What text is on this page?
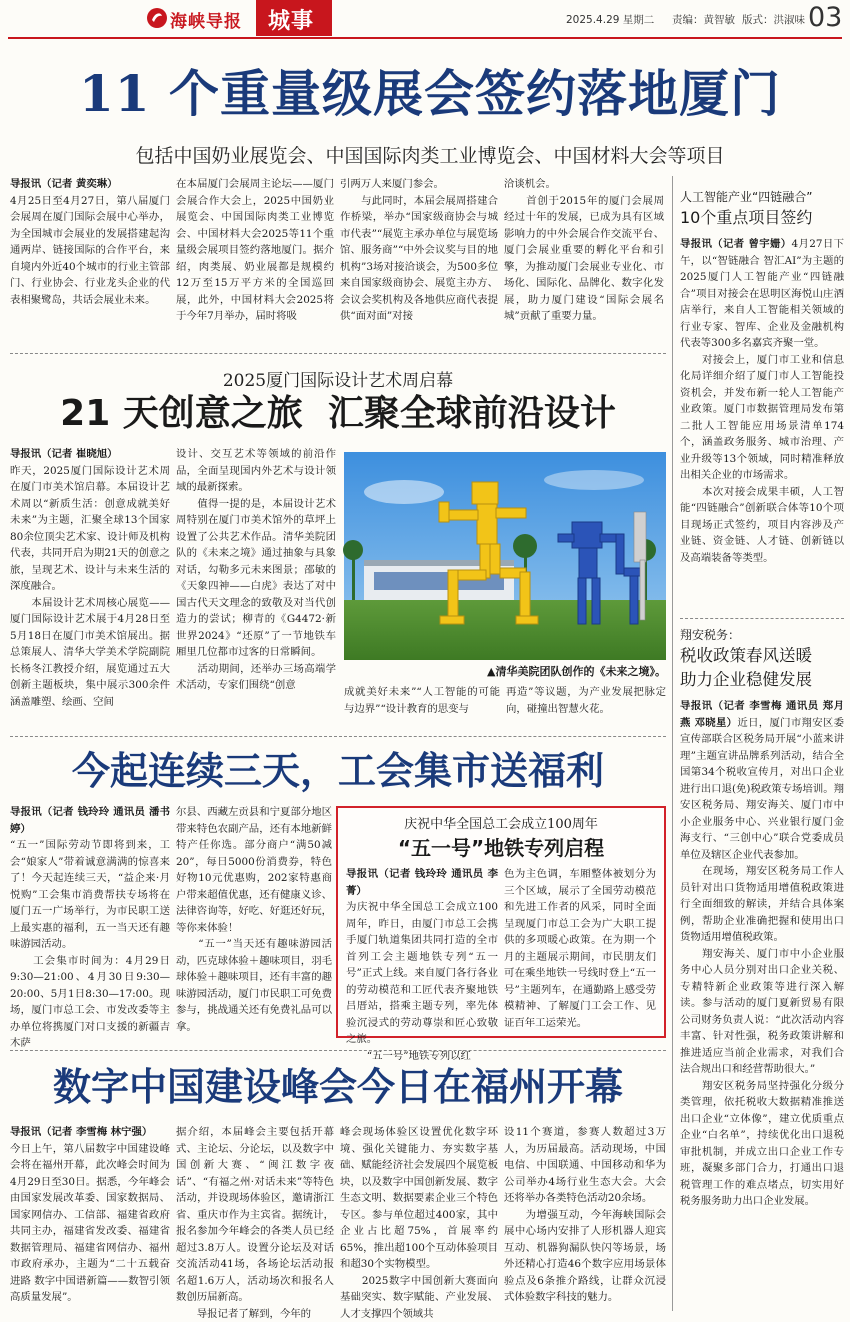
海峡导报 城事	2025.4.29 星期二 责编：黄智敏 版式：洪淑味 03
11 个重量级展会签约落地厦门
包括中国奶业展览会、中国国际肉类工业博览会、中国材料大会等项目
导报讯（记者 黄奕琳）
4月25日至4月27日，第八届厦门会展周在厦门国际会展中心举办，为全国城市会展业的发展搭建起沟通两岸、链接国际的合作平台，来自境内外近40个城市的行业主管部门、行业协会、行业龙头企业的代表相聚鹭岛，共话会展业未来。
在本届厦门会展周主论坛——厦门会展合作大会上，2025中国奶业展览会、中国国际肉类工业博览会、中国材料大会2025等11个重量级会展项目签约落地厦门。据介绍，肉类展、奶业展都是规模约12万至15万平方米的全国巡回展，此外，中国材料大会2025将于今年7月举办，届时将吸
引两万人来厦门参会。
　　与此同时，本届会展周搭建合作桥梁，举办“国家级商协会与城市代表”“展览主承办单位与展览场馆、服务商”“中外会议奖与目的地机构”3场对接洽谈会，为500多位来自国家级商协会、展览主办方、会议会奖机构及各地供应商代表提供“面对面”对接
洽谈机会。
　　首创于2015年的厦门会展周经过十年的发展，已成为具有区域影响力的中外会展合作交流平台、厦门会展业重要的孵化平台和引擎，为推动厦门会展业专业化、市场化、国际化、品牌化、数字化发展，助力厦门建设“国际会展名城”贡献了重要力量。
2025厦门国际设计艺术周启幕
21 天创意之旅  汇聚全球前沿设计
导报讯（记者 崔晓旭）
昨天，2025厦门国际设计艺术周在厦门市美术馆启幕。本届设计艺术周以“新质生活：创意成就美好未来”为主题，汇聚全球13个国家80余位顶尖艺术家、设计师及机构代表，共同开启为期21天的创意之旅，呈现艺术、设计与未来生活的深度融合。
　　本届设计艺术周核心展览——厦门国际设计艺术展于4月28日至5月18日在厦门市美术馆展出。据总策展人、清华大学美术学院副院长杨冬江教授介绍，展览通过五大创新主题板块，集中展示300余件涵盖雕塑、绘画、空间
设计、交互艺术等领域的前沿作品，全面呈现国内外艺术与设计领域的最新探索。
　　值得一提的是，本届设计艺术周特别在厦门市美术馆外的草坪上设置了公共艺术作品。清华美院团队的《未来之境》通过抽象与具象对话，勾勒多元未来图景；邵敏的《天象四神——白虎》表达了对中国古代天文理念的致敬及对当代创造力的尝试；柳青的《G4472·新世界2024》“还原”了一节地铁车厢里几位都市过客的日常瞬间。
　　活动期间，还举办三场高端学术活动，专家们围绕“创意
▲清华美院团队创作的《未来之境》。
成就美好未来”“人工智能的可能与边界”“设计教育的思变与
再造”等议题，为产业发展把脉定向，碰撞出智慧火花。
今起连续三天，工会集市送福利
导报讯（记者 钱玲玲 通讯员 潘书婷）
“五一”国际劳动节即将到来，工会“娘家人”带着诚意满满的惊喜来了！今天起连续三天，“益企来·月悦购”工会集市消费帮扶专场将在厦门五一广场举行，为市民职工送上最实惠的福利，五一当天还有趣味游园活动。
　　工会集市时间为：4月29日9:30—21:00、4月30日9:30—20:00、5月1日8:30—17:00。现场，厦门市总工会、市发改委等主办单位将携厦门对口支援的新疆吉木萨
尔县、西藏左贡县和宁夏部分地区带来特色农副产品，还有本地新鲜特产任你选。部分商户“满50减20”，每日5000份消费券，特色好物10元优惠购，202家特惠商户带来超值优惠，还有健康义诊、法律咨询等，好吃、好逛还好玩，等你来体验！
　　“五一”当天还有趣味游园活动，匹克球体验＋趣味项目，羽毛球体验＋趣味项目，还有丰富的趣味游园活动，厦门市民职工可免费参与，挑战通关还有免费礼品可以拿。
庆祝中华全国总工会成立100周年
“五一号”地铁专列启程
导报讯（记者 钱玲玲 通讯员 李菁）
为庆祝中华全国总工会成立100周年，昨日，由厦门市总工会携手厦门轨道集团共同打造的全市首列工会主题地铁专列“五一号”正式上线。来自厦门各行各业的劳动模范和工匠代表齐聚地铁吕厝站，搭乘主题专列，率先体验沉浸式的劳动尊崇和匠心致敬之旅。
　　“五一号”地铁专列以红
色为主色调，车厢整体被划分为三个区域，展示了全国劳动模范和先进工作者的风采，同时全面呈现厦门市总工会为广大职工提供的多项暖心政策。在为期一个月的主题展示期间，市民朋友们可在乘坐地铁一号线时登上“五一号”主题列车，在通勤路上感受劳模精神、了解厦门工会工作、见证百年工运荣光。
数字中国建设峰会今日在福州开幕
导报讯（记者 李雪梅 林宁强）
今日上午，第八届数字中国建设峰会将在福州开幕，此次峰会时间为4月29日至30日。据悉，今年峰会由国家发展改革委、国家数据局、国家网信办、工信部、福建省政府共同主办，福建省发改委、福建省数据管理局、福建省网信办、福州市政府承办，主题为“二十五载奋进路 数字中国谱新篇——数智引领高质量发展”。
据介绍，本届峰会主要包括开幕式、主论坛、分论坛，以及数字中国创新大赛、“闽江数字夜话”、“有福之州·对话未来”等特色活动，并设现场体验区，邀请浙江省、重庆市作为主宾省。据统计，报名参加今年峰会的各类人员已经超过3.8万人。设置分论坛及对话交流活动41场，各场论坛活动报名超1.6万人，活动场次和报名人数创历届新高。
　　导报记者了解到，今年的
峰会现场体验区设置优化数字环境、强化关键能力、夯实数字基础、赋能经济社会发展四个展览板块，以及数字中国创新发展、数字生态文明、数据要素企业三个特色专区。参与单位超过400家，其中企业占比超75%，首展率约65%，推出超100个互动体验项目和超30个实物模型。
　　2025数字中国创新大赛面向基础突实、数字赋能、产业发展、人才支撑四个领域共
设11个赛道，参赛人数超过3万人，为历届最高。活动现场，中国电信、中国联通、中国移动和华为公司举办4场行业生态大会。大会还将举办各类特色活动20余场。
　　为增强互动，今年海峡国际会展中心场内安排了人形机器人迎宾互动、机器狗漏队快闪等场景，场外还精心打造46个数字应用场景体验点及6条推介路线，让群众沉浸式体验数字科技的魅力。
人工智能产业“四链融合”
10个重点项目签约
导报讯（记者 曾宇姗）4月27日下午，以“智链融合 智汇AI”为主题的2025厦门人工智能产业“四链融合”项目对接会在思明区海悦山庄酒店举行，来自人工智能相关领域的行业专家、智库、企业及金融机构代表等300多名嘉宾齐聚一堂。
　　对接会上，厦门市工业和信息化局详细介绍了厦门市人工智能投资机会，并发布新一轮人工智能产业政策。厦门市数据管理局发布第二批人工智能应用场景清单174个，涵盖政务服务、城市治理、产业升级等13个领域，同时精准释放出相关企业的市场需求。
　　本次对接会成果丰硕，人工智能“四链融合”创新联合体等10个项目现场正式签约，项目内容涉及产业链、资金链、人才链、创新链以及高端装备等类型。
翔安税务：
税收政策春风送暖
助力企业稳健发展
导报讯（记者 李雪梅 通讯员 郑月燕 邓晓星）近日，厦门市翔安区委宣传部联合区税务局开展“小蓝来讲理”主题宣讲品牌系列活动，结合全国第34个税收宣传月，对出口企业进行出口退(免)税政策专场培训。翔安区税务局、翔安海关、厦门市中小企业服务中心、兴业银行厦门金海支行、“三创中心”联合党委成员单位及辖区企业代表参加。
　　在现场，翔安区税务局工作人员针对出口货物适用增值税政策进行全面细致的解读，并结合具体案例，帮助企业准确把握和使用出口货物适用增值税政策。
　　翔安海关、厦门市中小企业服务中心人员分别对出口企业关税、专精特新企业政策等进行深入解读。参与活动的厦门夏新贸易有限公司财务负责人说：“此次活动内容丰富、针对性强，税务政策讲解和推进适应当前企业需求，对我们合法合规出口和经营帮助很大。”
　　翔安区税务局坚持强化分级分类管理，依托税收大数据精准推送出口企业“立体像”，建立优质重点企业“白名单”，持续优化出口退税审批机制，并成立出口企业工作专班，凝聚多部门合力，打通出口退税管理工作的难点堵点，切实用好税务服务助力出口企业发展。
